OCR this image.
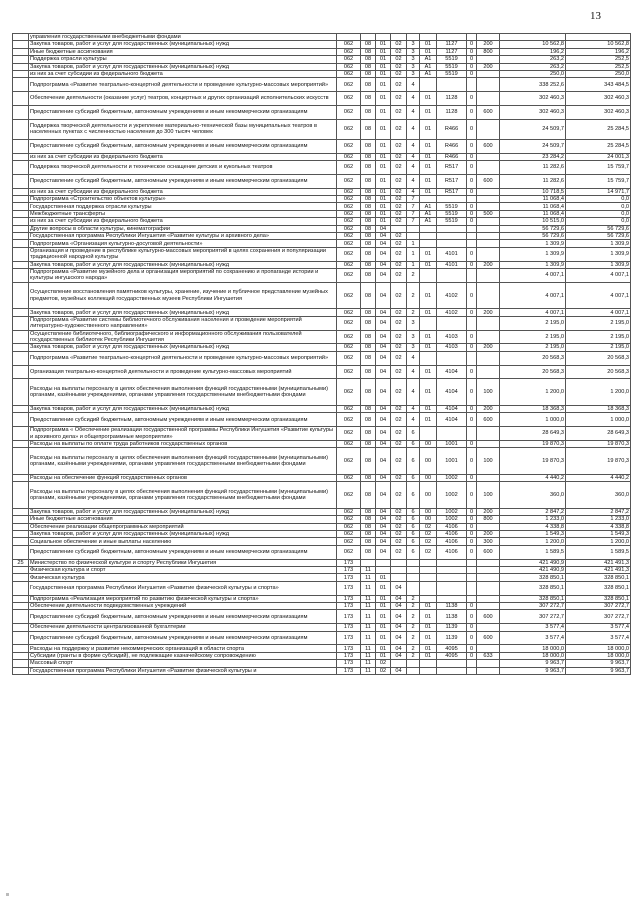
13
	управления государственными внебюджетными фондами											
	Закупка товаров, работ и услуг для государственных (муниципальных) нужд	062	08	01	02	3	01	1127	0	200	10 562,8	10 562,8
	Иные бюджетные ассигнования	062	08	01	02	3	01	1127	0	800	196,2	196,2
	Поддержка отрасли культуры	062	08	01	02	3	A1	5519	0		263,2	252,5
	Закупка товаров, работ и услуг для государственных (муниципальных) нужд	062	08	01	02	3	A1	5519	0	200	263,2	252,5
	из них за счет субсидии из федерального бюджета	062	08	01	02	3	A1	5519	0		250,0	250,0
	Подпрограмма «Развитие театрально-концертной деятельности и проведение культурно-массовых мероприятий»	062	08	01	02	4					338 252,6	343 484,5
	Обеспечение деятельности (оказание услуг) театров, концертных и других организаций исполнительских искусств	062	08	01	02	4	01	1128	0		302 460,3	302 460,3
	Предоставление субсидий бюджетным, автономным учреждениям и иным некоммерческим организациям	062	08	01	02	4	01	1128	0	600	302 460,3	302 460,3
	Поддержка творческой деятельности и укрепление материально-технической базы муниципальных театров в населенных пунктах с численностью населения до 300 тысяч человек	062	08	01	02	4	01	R466	0		24 509,7	25 284,5
	Предоставление субсидий бюджетным, автономным учреждениям и иным некоммерческим организациям	062	08	01	02	4	01	R466	0	600	24 509,7	25 284,5
	из них за счет субсидии из федерального бюджета	062	08	01	02	4	01	R466	0		23 284,2	24 001,3
	Поддержка творческой деятельности и техническое оснащение детских и кукольных театров	062	08	01	02	4	01	R517	0		11 282,6	15 759,7
	Предоставление субсидий бюджетным, автономным учреждениям и иным некоммерческим организациям	062	08	01	02	4	01	R517	0	600	11 282,6	15 759,7
	из них за счет субсидии из федерального бюджета	062	08	01	02	4	01	R517	0		10 718,5	14 971,7
	Подпрограмма «Строительство объектов культуры»	062	08	01	02	7					11 068,4	0,0
	Государственная поддержка отрасли культуры	062	08	01	02	7	A1	5519	0		11 068,4	0,0
	Межбюджетные трансферты	062	08	01	02	7	A1	5519	0	500	11 068,4	0,0
	из них за счет субсидии из федерального бюджета	062	08	01	02	7	A1	5519	0		10 515,0	0,0
	Другие вопросы в области культуры, кинематографии	062	08	04							56 729,6	56 729,6
	Государственная программа Республики Ингушетия «Развитие культуры и архивного дела»	062	08	04	02						56 729,6	56 729,6
	Подпрограмма «Организация культурно-досуговой деятельности»	062	08	04	02	1					1 309,9	1 309,9
	Организация и проведение в республике культурно-массовых мероприятий в целях сохранения и популяризации традиционной народной культуры	062	08	04	02	1	01	4101	0		1 309,9	1 309,9
	Закупка товаров, работ и услуг для государственных (муниципальных) нужд	062	08	04	02	1	01	4101	0	200	1 309,9	1 309,9
	Подпрограмма «Развитие музейного дела и организация мероприятий по сохранению и пропаганде истории и культуры ингушского народа»	062	08	04	02	2					4 007,1	4 007,1
	Осуществление восстановления памятников культуры, хранение, изучение и публичное представление музейных предметов, музейных коллекций государственных музеев Республики Ингушетия	062	08	04	02	2	01	4102	0		4 007,1	4 007,1
	Закупка товаров, работ и услуг для государственных (муниципальных) нужд	062	08	04	02	2	01	4102	0	200	4 007,1	4 007,1
	Подпрограмма «Развитие системы библиотечного обслуживания населения и проведение мероприятий литературно-художественного направления»	062	08	04	02	3					2 195,0	2 195,0
	Осуществление библиотечного, библиографического и информационного обслуживания пользователей государственных библиотек Республики Ингушетия	062	08	04	02	3	01	4103	0		2 195,0	2 195,0
	Закупка товаров, работ и услуг для государственных (муниципальных) нужд	062	08	04	02	3	01	4103	0	200	2 195,0	2 195,0
	Подпрограмма «Развитие театрально-концертной деятельности и проведение культурно-массовых мероприятий»	062	08	04	02	4					20 568,3	20 568,3
	Организация театрально-концертной деятельности и проведение культурно-массовых мероприятий	062	08	04	02	4	01	4104	0		20 568,3	20 568,3
	Расходы на выплаты персоналу в целях обеспечения выполнения функций государственными (муниципальными) органами, казёнными учреждениями, органами управления государственными внебюджетными фондами	062	08	04	02	4	01	4104	0	100	1 200,0	1 200,0
	Закупка товаров, работ и услуг для государственных (муниципальных) нужд	062	08	04	02	4	01	4104	0	200	18 368,3	18 368,3
	Предоставление субсидий бюджетным, автономным учреждениям и иным некоммерческим организациям	062	08	04	02	4	01	4104	0	600	1 000,0	1 000,0
	Подпрограмма « Обеспечение реализации государственной программы Республики Ингушетия «Развитие культуры и архивного дела» и общепрограммные мероприятия»	062	08	04	02	6					28 649,3	28 649,3
	Расходы на выплаты по оплате труда работников государственных органов	062	08	04	02	6	00	1001	0		19 870,3	19 870,3
	Расходы на выплаты персоналу в целях обеспечения выполнения функций государственными (муниципальными) органами, казёнными учреждениями, органами управления государственными внебюджетными фондами	062	08	04	02	6	00	1001	0	100	19 870,3	19 870,3
	Расходы на обеспечение функций государственных органов	062	08	04	02	6	00	1002	0		4 440,2	4 440,2
	Расходы на выплаты персоналу в целях обеспечения выполнения функций государственными (муниципальными) органами, казёнными учреждениями, органами управления государственными внебюджетными фондами	062	08	04	02	6	00	1002	0	100	360,0	360,0
	Закупка товаров, работ и услуг для государственных (муниципальных) нужд	062	08	04	02	6	00	1002	0	200	2 847,2	2 847,2
	Иные бюджетные ассигнования	062	08	04	02	6	00	1002	0	800	1 233,0	1 233,0
	Обеспечение реализации общепрограммных мероприятий	062	08	04	02	6	02	4106	0		4 338,8	4 338,8
	Закупка товаров, работ и услуг для государственных (муниципальных) нужд	062	08	04	02	6	02	4106	0	200	1 549,3	1 549,3
	Социальное обеспечение и иные выплаты населению	062	08	04	02	6	02	4106	0	300	1 200,0	1 200,0
	Предоставление субсидий бюджетным, автономным учреждениям и иным некоммерческим организациям	062	08	04	02	6	02	4106	0	600	1 589,5	1 589,5
25	Министерство по физической культуре и спорту Республики Ингушетия	173									421 490,9	421 491,3
	Физическая культура и спорт	173	11								421 490,9	421 491,3
	Физическая культура	173	11	01							328 850,1	328 850,1
	Государственная программа Республики Ингушетия «Развитие физической культуры и спорта»	173	11	01	04						328 850,1	328 850,1
	Подпрограмма «Реализация мероприятий по развитию физической культуры и спорта»	173	11	01	04	2					328 850,1	328 850,1
	Обеспечение деятельности подведомственных учреждений	173	11	01	04	2	01	1138	0		307 272,7	307 272,7
	Предоставление субсидий бюджетным, автономным учреждениям и иным некоммерческим организациям	173	11	01	04	2	01	1138	0	600	307 272,7	307 272,7
	Обеспечение деятельности централизованной бухгалтерии	173	11	01	04	2	01	1139	0		3 577,4	3 577,4
	Предоставление субсидий бюджетным, автономным учреждениям и иным некоммерческим организациям	173	11	01	04	2	01	1139	0	600	3 577,4	3 577,4
	Расходы на поддержку и развитие некоммерческих организаций в области спорта	173	11	01	04	2	01	4095	0		18 000,0	18 000,0
	Субсидии (гранты в форме субсидий), не подлежащие казначейскому сопровождению	173	11	01	04	2	01	4095	0	633	18 000,0	18 000,0
	Массовый спорт	173	11	02							9 963,7	9 963,7
	Государственная программа Республики Ингушетия «Развитие физической культуры и	173	11	02	04						9 963,7	9 963,7
